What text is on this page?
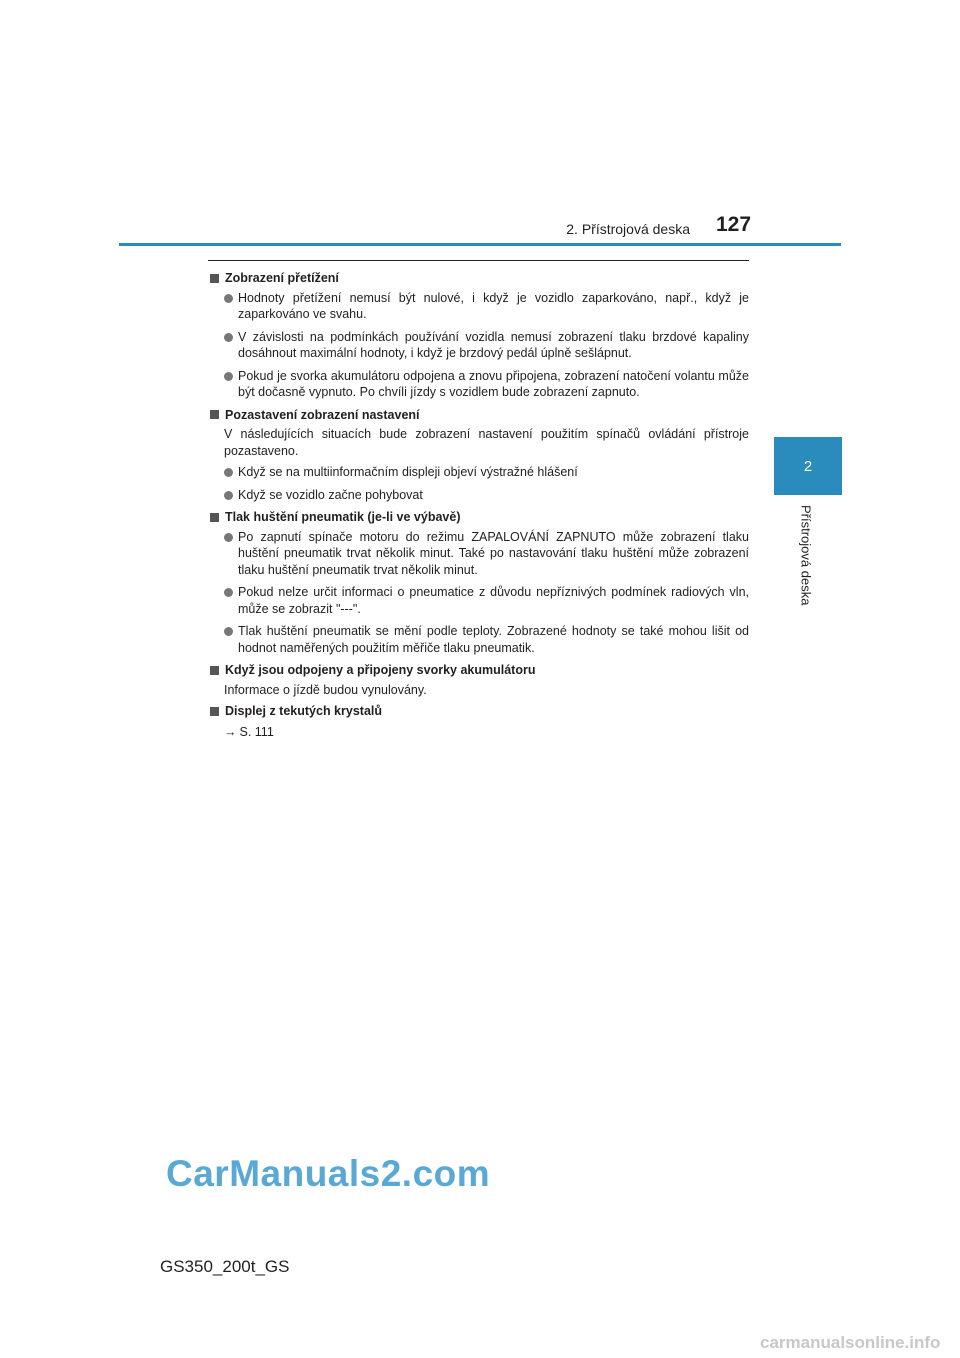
2. Přístrojová deska 127
2
Přístrojová deska
Zobrazení přetížení
Hodnoty přetížení nemusí být nulové, i když je vozidlo zaparkováno, např., když je zaparkováno ve svahu.
V závislosti na podmínkách používání vozidla nemusí zobrazení tlaku brzdové kapaliny dosáhnout maximální hodnoty, i když je brzdový pedál úplně sešlápnut.
Pokud je svorka akumulátoru odpojena a znovu připojena, zobrazení natočení volantu může být dočasně vypnuto. Po chvíli jízdy s vozidlem bude zobrazení zapnuto.
Pozastavení zobrazení nastavení
V následujících situacích bude zobrazení nastavení použitím spínačů ovládání přístroje pozastaveno.
Když se na multiinformačním displeji objeví výstražné hlášení
Když se vozidlo začne pohybovat
Tlak huštění pneumatik (je-li ve výbavě)
Po zapnutí spínače motoru do režimu ZAPALOVÁNÍ ZAPNUTO může zobrazení tlaku huštění pneumatik trvat několik minut. Také po nastavování tlaku huštění může zobrazení tlaku huštění pneumatik trvat několik minut.
Pokud nelze určit informaci o pneumatice z důvodu nepříznivých podmínek radiových vln, může se zobrazit "---".
Tlak huštění pneumatik se mění podle teploty. Zobrazené hodnoty se také mohou lišit od hodnot naměřených použitím měřiče tlaku pneumatik.
Když jsou odpojeny a připojeny svorky akumulátoru
Informace o jízdě budou vynulovány.
Displej z tekutých krystalů
→ S. 111
CarManuals2.com
GS350_200t_GS
carmanualsonline.info
